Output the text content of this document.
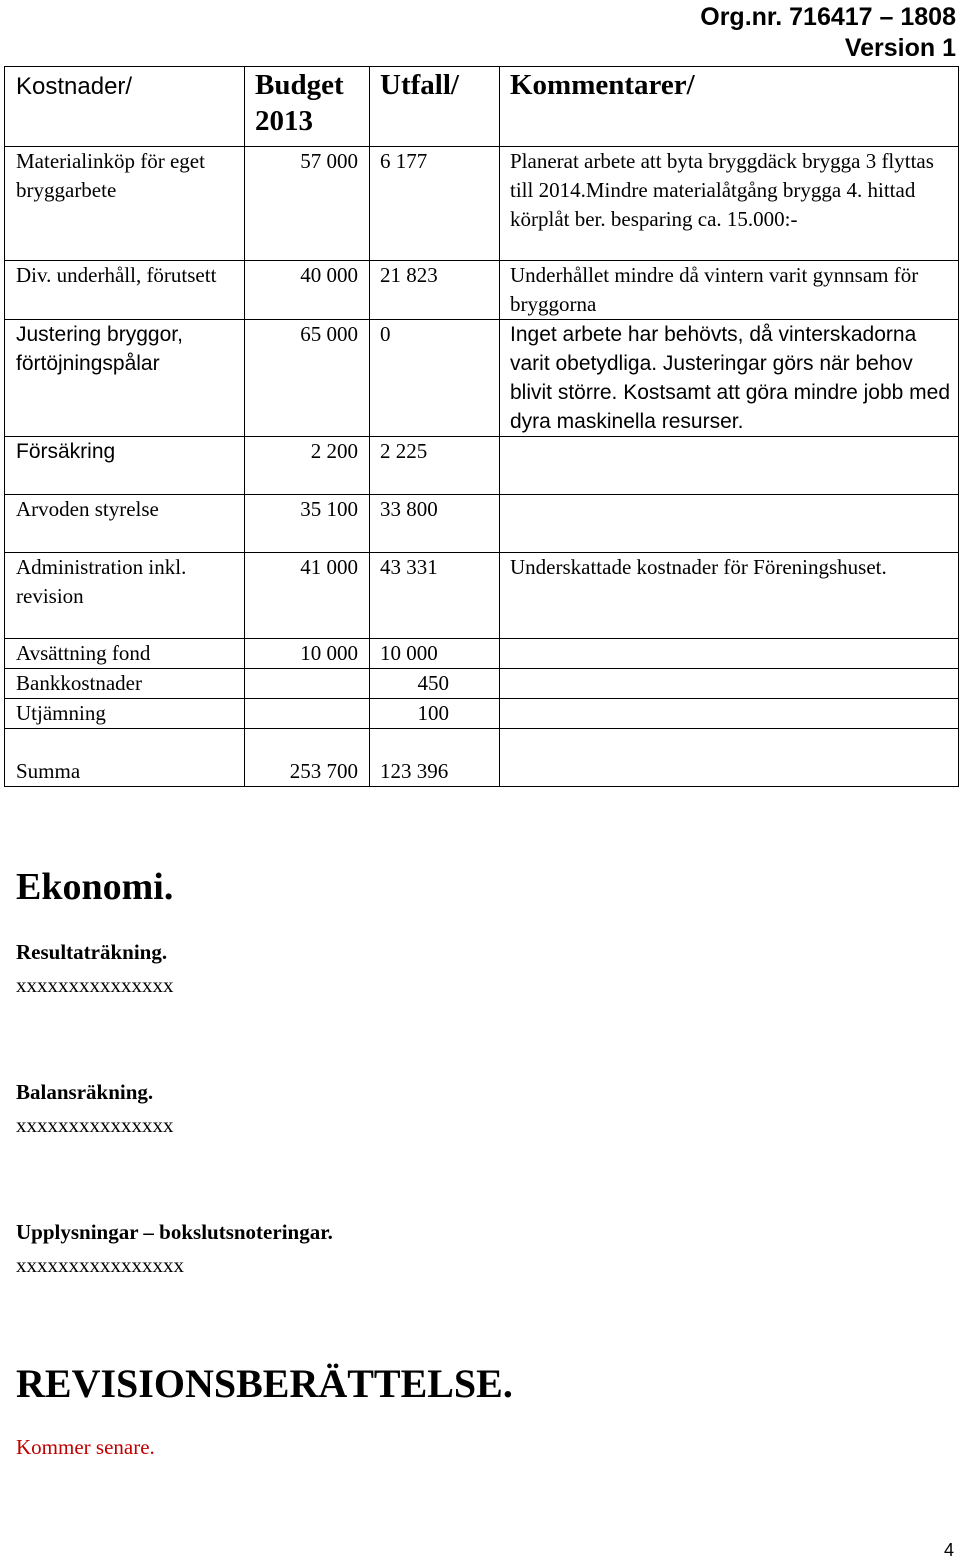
Org.nr. 716417 – 1808
Version 1
Kostnader/	Budget 2013	Utfall/	Kommentarer/

Materialinköp för eget bryggarbete	57 000	6 177	Planerat arbete att byta bryggdäck brygga 3 flyttas till 2014.Mindre materialåtgång brygga 4. hittad körplåt ber. besparing ca. 15.000:-
Div. underhåll, förutsett	40 000	21 823	Underhållet mindre då vintern varit gynnsam för bryggorna
Justering bryggor, förtöjningspålar	65 000	0	Inget arbete har behövts, då vinterskadorna varit obetydliga. Justeringar görs när behov blivit större. Kostsamt att göra mindre jobb med dyra maskinella resurser.
Försäkring	2 200	2 225	
Arvoden styrelse	35 100	33 800	
Administration inkl. revision	41 000	43 331	Underskattade kostnader för Föreningshuset.
Avsättning fond	10 000	10 000	
Bankkostnader		450	
Utjämning		100	
Summa	253 700	123 396	
Ekonomi.
Resultaträkning.
xxxxxxxxxxxxxxx
Balansräkning.
xxxxxxxxxxxxxxx
Upplysningar – bokslutsnoteringar.
xxxxxxxxxxxxxxxx
REVISIONSBERÄTTELSE.
Kommer senare.
4
